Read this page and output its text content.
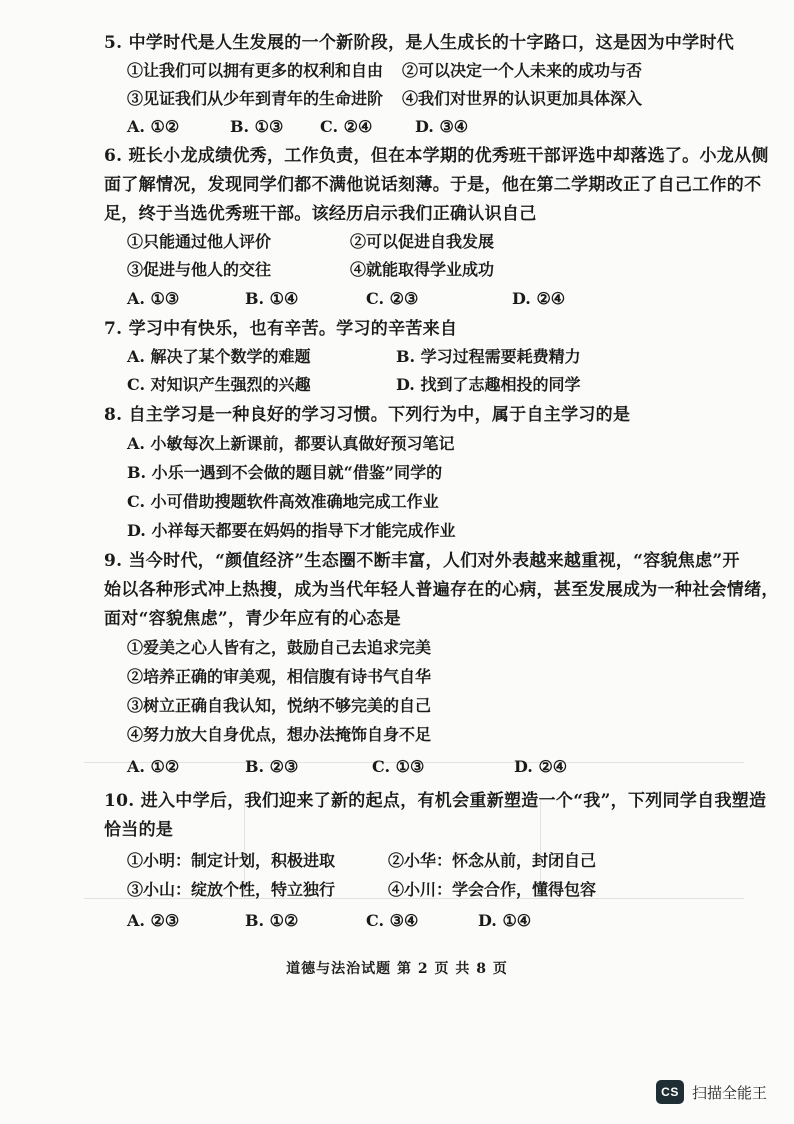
5. 中学时代是人生发展的一个新阶段，是人生成长的十字路口，这是因为中学时代
①让我们可以拥有更多的权利和自由 ②可以决定一个人未来的成功与否
③见证我们从少年到青年的生命进阶 ④我们对世界的认识更加具体深入
A. ①②	B. ①③ C. ②④	D. ③④
6. 班长小龙成绩优秀，工作负责，但在本学期的优秀班干部评选中却落选了。小龙从侧
面了解情况，发现同学们都不满他说话刻薄。于是，他在第二学期改正了自己工作的不
足，终于当选优秀班干部。该经历启示我们正确认识自己
①只能通过他人评价	②可以促进自我发展
③促进与他人的交往	④就能取得学业成功
A. ①③	B. ①④	C. ②③	D. ②④
7. 学习中有快乐，也有辛苦。学习的辛苦来自
A. 解决了某个数学的难题	B. 学习过程需要耗费精力
C. 对知识产生强烈的兴趣	D. 找到了志趣相投的同学
8. 自主学习是一种良好的学习习惯。下列行为中，属于自主学习的是
A. 小敏每次上新课前，都要认真做好预习笔记
B. 小乐一遇到不会做的题目就“借鉴”同学的
C. 小可借助搜题软件高效准确地完成工作业
D. 小祥每天都要在妈妈的指导下才能完成作业
9. 当今时代，“颜值经济”生态圈不断丰富，人们对外表越来越重视，“容貌焦虑”开
始以各种形式冲上热搜，成为当代年轻人普遍存在的心病，甚至发展成为一种社会情绪，
面对“容貌焦虑”，青少年应有的心态是
①爱美之心人皆有之，鼓励自己去追求完美
②培养正确的审美观，相信腹有诗书气自华
③树立正确自我认知，悦纳不够完美的自己
④努力放大自身优点，想办法掩饰自身不足
A. ①②	B. ②③	C. ①③	D. ②④
10. 进入中学后，我们迎来了新的起点，有机会重新塑造一个“我”，下列同学自我塑造
恰当的是
①小明：制定计划，积极进取	②小华：怀念从前，封闭自己
③小山：绽放个性，特立独行	④小川：学会合作，懂得包容
A. ②③	B. ①②	C. ③④	D. ①④
道德与法治试题 第 2 页 共 8 页
CS 扫描全能王
